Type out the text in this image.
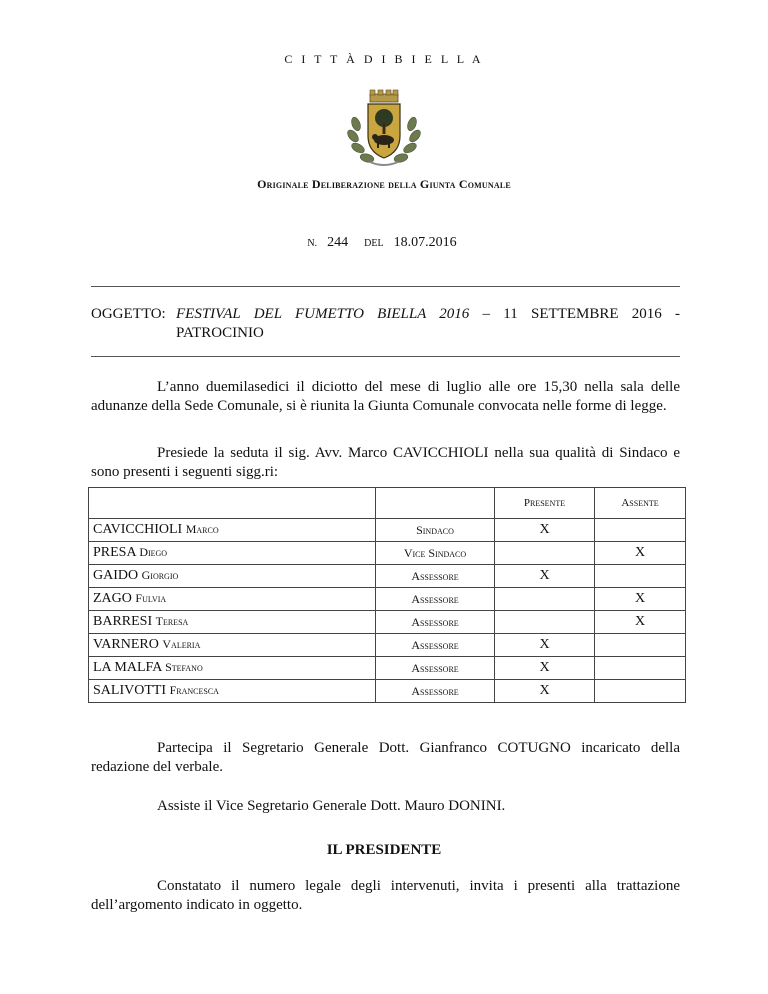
C I T T À D I B I E L L A
Originale Deliberazione della Giunta Comunale
N. 244 DEL 18.07.2016
OGGETTO: FESTIVAL DEL FUMETTO BIELLA 2016 – 11 SETTEMBRE 2016 -
PATROCINIO
L’anno duemilasedici il diciotto del mese di luglio alle ore 15,30 nella sala delle adunanze della Sede Comunale, si è riunita la Giunta Comunale convocata nelle forme di legge.
Presiede la seduta il sig. Avv. Marco CAVICCHIOLI nella sua qualità di Sindaco e sono presenti i seguenti sigg.ri:
		Presente	Assente
CAVICCHIOLI Marco	Sindaco	X	
PRESA Diego	Vice Sindaco		X
GAIDO Giorgio	Assessore	X	
ZAGO Fulvia	Assessore		X
BARRESI Teresa	Assessore		X
VARNERO Valeria	Assessore	X	
LA MALFA Stefano	Assessore	X	
SALIVOTTI Francesca	Assessore	X	
Partecipa il Segretario Generale Dott. Gianfranco COTUGNO incaricato della redazione del verbale.
Assiste il Vice Segretario Generale Dott. Mauro DONINI.
IL PRESIDENTE
Constatato il numero legale degli intervenuti, invita i presenti alla trattazione dell’argomento indicato in oggetto.
